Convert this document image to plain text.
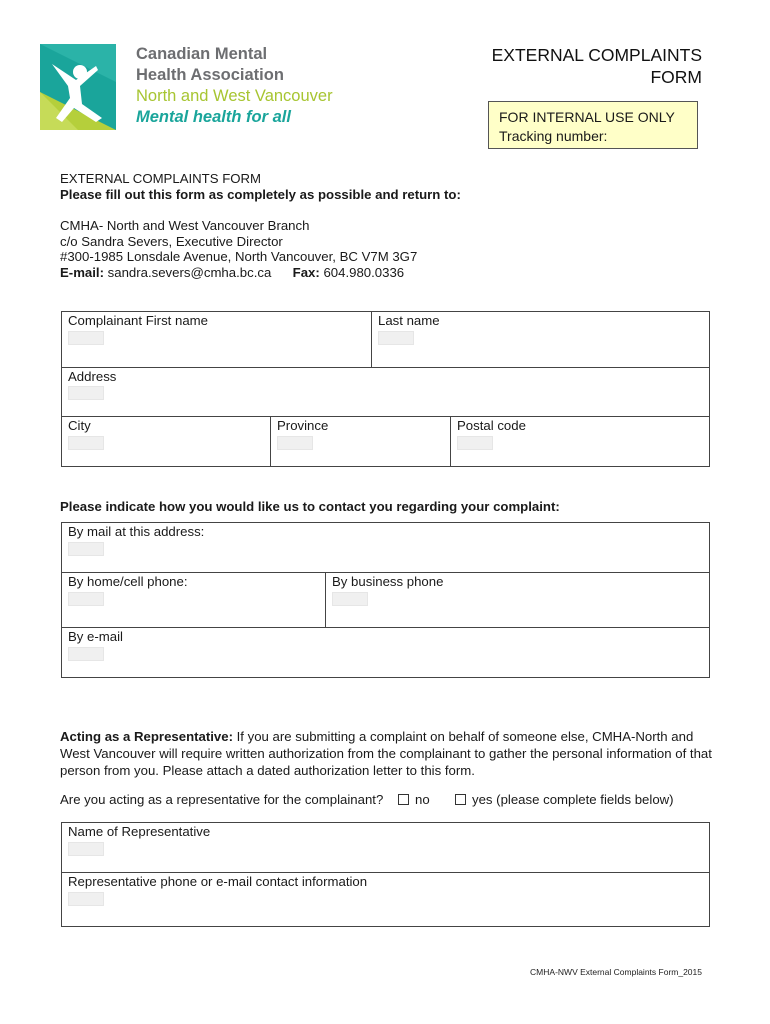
Canadian Mental
Health Association
North and West Vancouver
Mental health for all
EXTERNAL COMPLAINTS
FORM
FOR INTERNAL USE ONLY
Tracking number:
EXTERNAL COMPLAINTS FORM
Please fill out this form as completely as possible and return to:
CMHA- North and West Vancouver Branch
c/o Sandra Severs, Executive Director
#300-1985 Lonsdale Avenue, North Vancouver, BC V7M 3G7
E-mail: sandra.severs@cmha.bc.ca Fax: 604.980.0336
Complainant First name	Last name
Address
City	Province	Postal code
Please indicate how you would like us to contact you regarding your complaint:
By mail at this address:
By home/cell phone:	By business phone
By e-mail
Acting as a Representative: If you are submitting a complaint on behalf of someone else, CMHA-North and West Vancouver will require written authorization from the complainant to gather the personal information of that person from you. Please attach a dated authorization letter to this form.
Are you acting as a representative for the complainant?	no	yes (please complete fields below)
Name of Representative
Representative phone or e-mail contact information
CMHA-NWV External Complaints Form_2015
